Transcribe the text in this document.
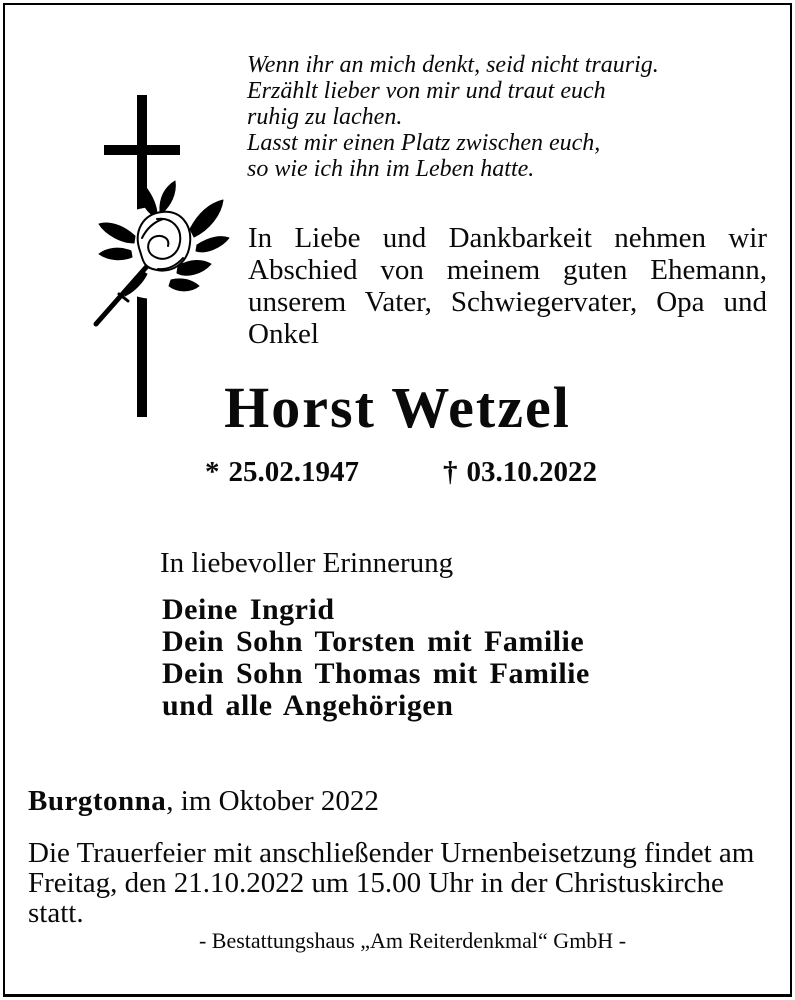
Wenn ihr an mich denkt, seid nicht traurig.
Erzählt lieber von mir und traut euch
ruhig zu lachen.
Lasst mir einen Platz zwischen euch,
so wie ich ihn im Leben hatte.
In Liebe und Dankbarkeit nehmen wir
Abschied von meinem guten Ehemann,
unserem Vater, Schwiegervater, Opa und
Onkel
Horst Wetzel
* 25.02.1947	† 03.10.2022
In liebevoller Erinnerung
Deine Ingrid
Dein Sohn Torsten mit Familie
Dein Sohn Thomas mit Familie
und alle Angehörigen
Burgtonna, im Oktober 2022
Die Trauerfeier mit anschließender Urnenbeisetzung findet am
Freitag, den 21.10.2022 um 15.00 Uhr in der Christuskirche
statt.
- Bestattungshaus „Am Reiterdenkmal“ GmbH -
